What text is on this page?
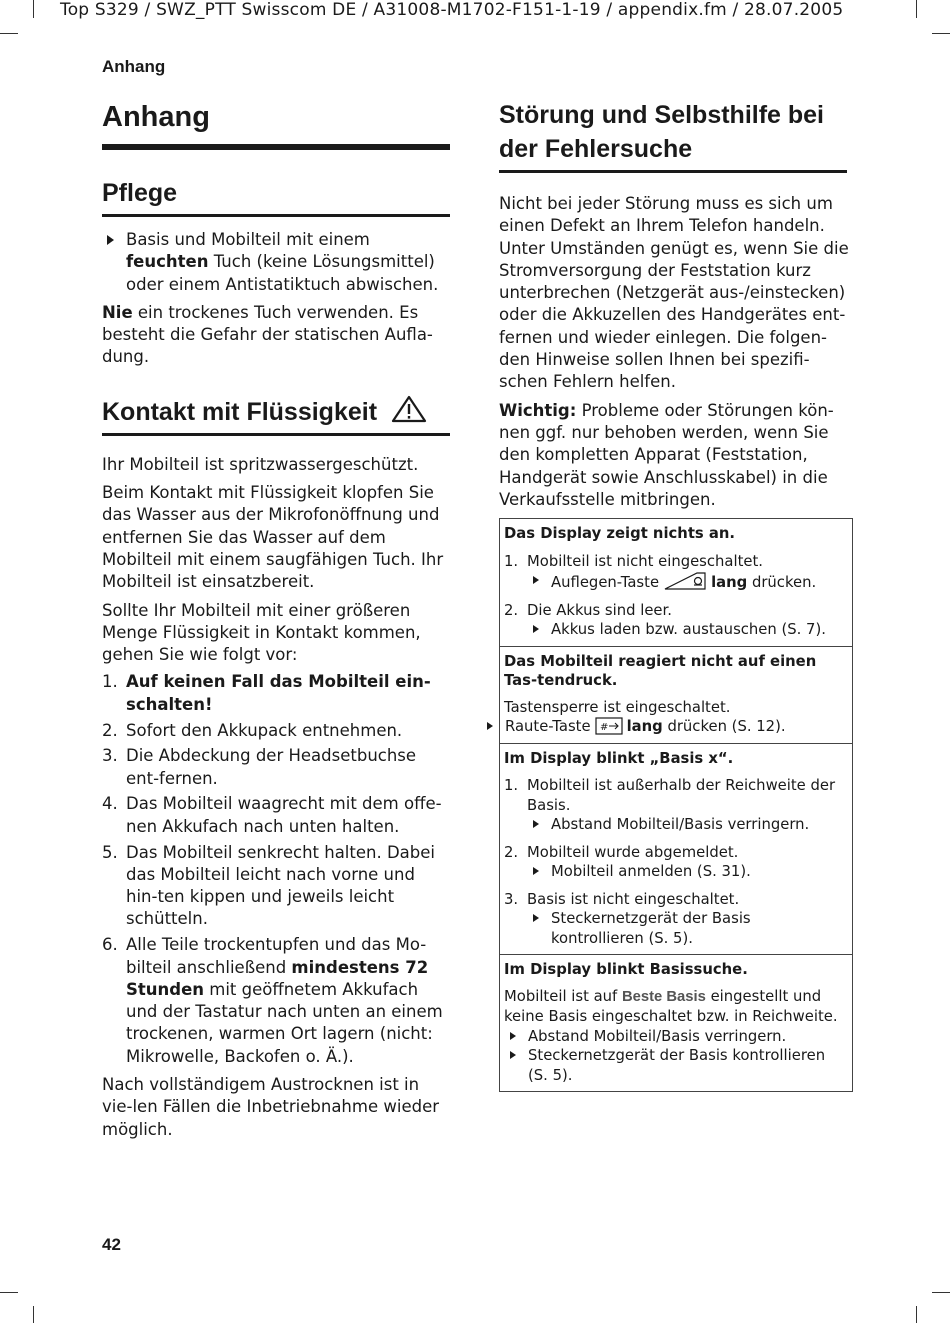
Top S329 / SWZ_PTT Swisscom DE / A31008-M1702-F151-1-19 / appendix.fm / 28.07.2005
Anhang
Anhang
Pflege
Basis und Mobilteil mit einem feuchten Tuch (keine Lösungsmittel) oder einem Antistatiktuch abwischen.

Nie ein trockenes Tuch verwenden. Es besteht die Gefahr der statischen Aufla-dung.

Kontakt mit Flüssigkeit

Ihr Mobilteil ist spritzwassergeschützt.

Beim Kontakt mit Flüssigkeit klopfen Sie das Wasser aus der Mikrofonöffnung und entfernen Sie das Wasser auf dem Mobilteil mit einem saugfähigen Tuch. Ihr Mobilteil ist einsatzbereit.

Sollte Ihr Mobilteil mit einer größeren Menge Flüssigkeit in Kontakt kommen, gehen Sie wie folgt vor:

1. Auf keinen Fall das Mobilteil ein-schalten!
2. Sofort den Akkupack entnehmen.
3. Die Abdeckung der Headsetbuchse ent-fernen.
4. Das Mobilteil waagrecht mit dem offe-nen Akkufach nach unten halten.
5. Das Mobilteil senkrecht halten. Dabei das Mobilteil leicht nach vorne und hin-ten kippen und jeweils leicht schütteln.
6. Alle Teile trockentupfen und das Mo-bilteil anschließend mindestens 72 Stunden mit geöffnetem Akkufach und der Tastatur nach unten an einem trockenen, warmen Ort lagern (nicht: Mikrowelle, Backofen o. Ä.).

Nach vollständigem Austrocknen ist in vie-len Fällen die Inbetriebnahme wieder möglich.

Störung und Selbsthilfe bei der Fehlersuche

Nicht bei jeder Störung muss es sich um einen Defekt an Ihrem Telefon handeln. Unter Umständen genügt es, wenn Sie die Stromversorgung der Feststation kurz unterbrechen (Netzgerät aus-/einstecken) oder die Akkuzellen des Handgerätes ent-fernen und wieder einlegen. Die folgen-den Hinweise sollen Ihnen bei spezifi-schen Fehlern helfen.

Wichtig: Probleme oder Störungen kön-nen ggf. nur behoben werden, wenn Sie den kompletten Apparat (Feststation, Handgerät sowie Anschlusskabel) in die Verkaufsstelle mitbringen.

Das Display zeigt nichts an.
1. Mobilteil ist nicht eingeschaltet.
Auflegen-Taste	lang drücken.
2. Die Akkus sind leer.
Akkus laden bzw. austauschen (S. 7).

Das Mobilteil reagiert nicht auf einen Tas-tendruck.
Tastensperre ist eingeschaltet.
Raute-Taste # lang drücken (S. 12).

Im Display blinkt „Basis x“.
1. Mobilteil ist außerhalb der Reichweite der Basis.
Abstand Mobilteil/Basis verringern.
2. Mobilteil wurde abgemeldet.
Mobilteil anmelden (S. 31).
3. Basis ist nicht eingeschaltet.
Steckernetzgerät der Basis kontrollieren (S. 5).

Im Display blinkt Basissuche.
Mobilteil ist auf Beste Basis eingestellt und keine Basis eingeschaltet bzw. in Reichweite.
Abstand Mobilteil/Basis verringern.
Steckernetzgerät der Basis kontrollieren (S. 5).
42
